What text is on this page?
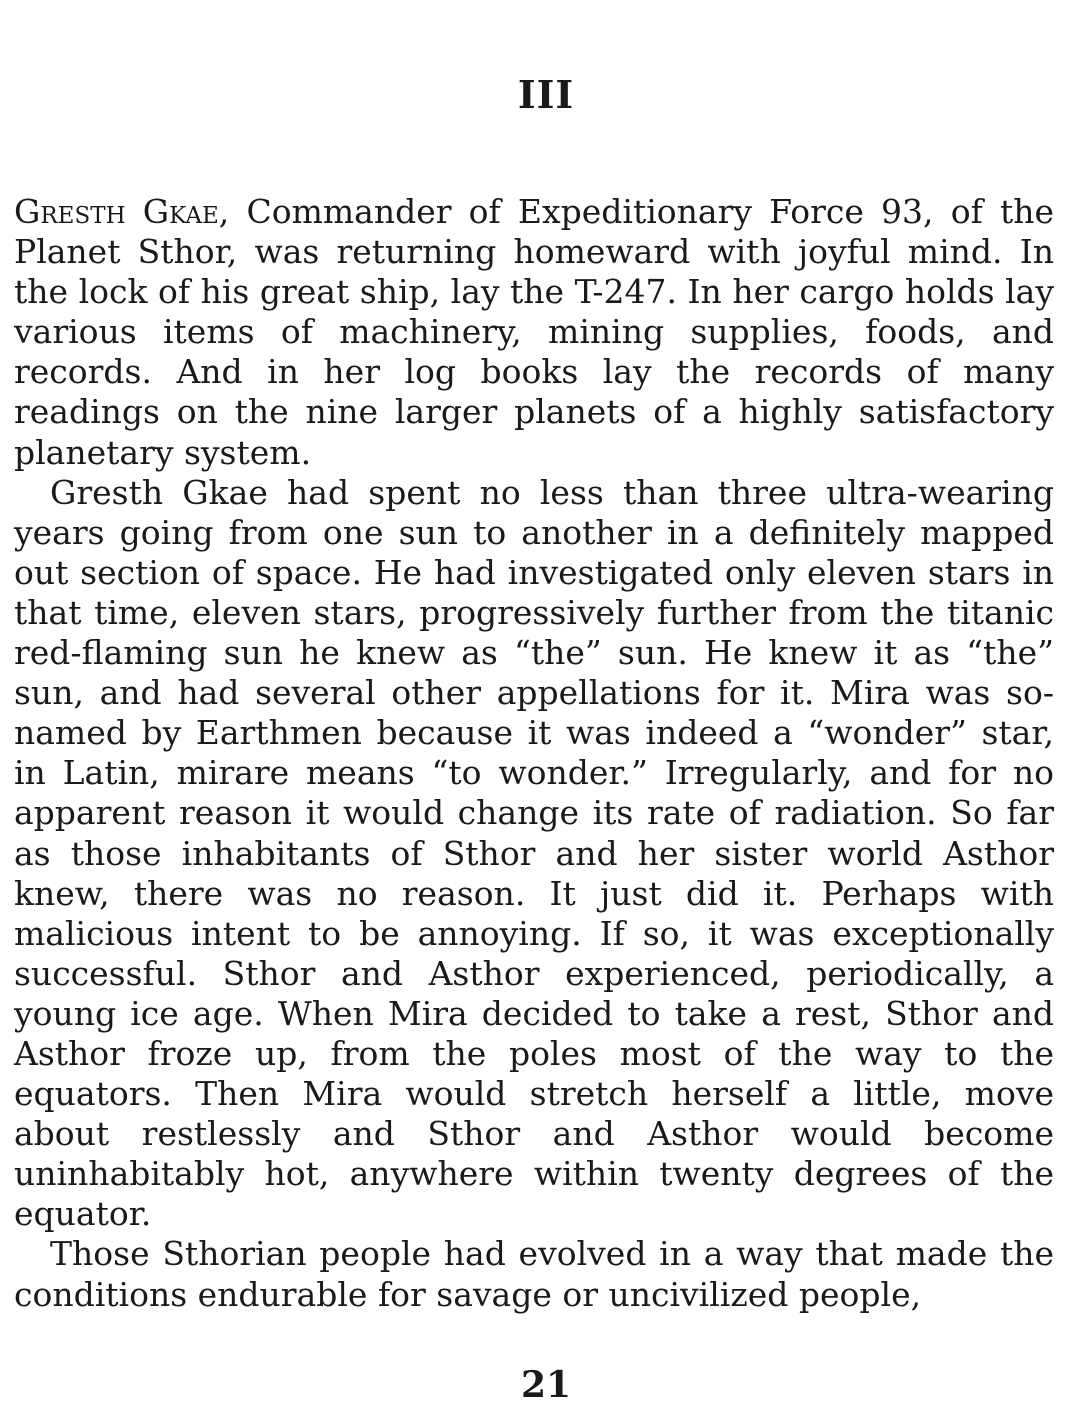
III

Gresth Gkae, Commander of Expeditionary Force 93, of the Planet Sthor, was returning homeward with joyful mind. In the lock of his great ship, lay the T-247. In her cargo holds lay various items of machinery, mining supplies, foods, and records. And in her log books lay the records of many readings on the nine larger planets of a highly satisfactory planetary system.

Gresth Gkae had spent no less than three ultra-wearing years going from one sun to another in a definitely mapped out section of space. He had investigated only eleven stars in that time, eleven stars, progressively further from the titanic red-flaming sun he knew as “the” sun. He knew it as “the” sun, and had several other appellations for it. Mira was so-named by Earthmen because it was indeed a “wonder” star, in Latin, mirare means “to wonder.” Irregularly, and for no apparent reason it would change its rate of radiation. So far as those inhabitants of Sthor and her sister world Asthor knew, there was no reason. It just did it. Perhaps with malicious intent to be annoying. If so, it was exceptionally successful. Sthor and Asthor experienced, periodically, a young ice age. When Mira decided to take a rest, Sthor and Asthor froze up, from the poles most of the way to the equators. Then Mira would stretch herself a little, move about restlessly and Sthor and Asthor would become uninhabitably hot, anywhere within twenty degrees of the equator.

Those Sthorian people had evolved in a way that made the conditions endurable for savage or uncivilized people,

21
